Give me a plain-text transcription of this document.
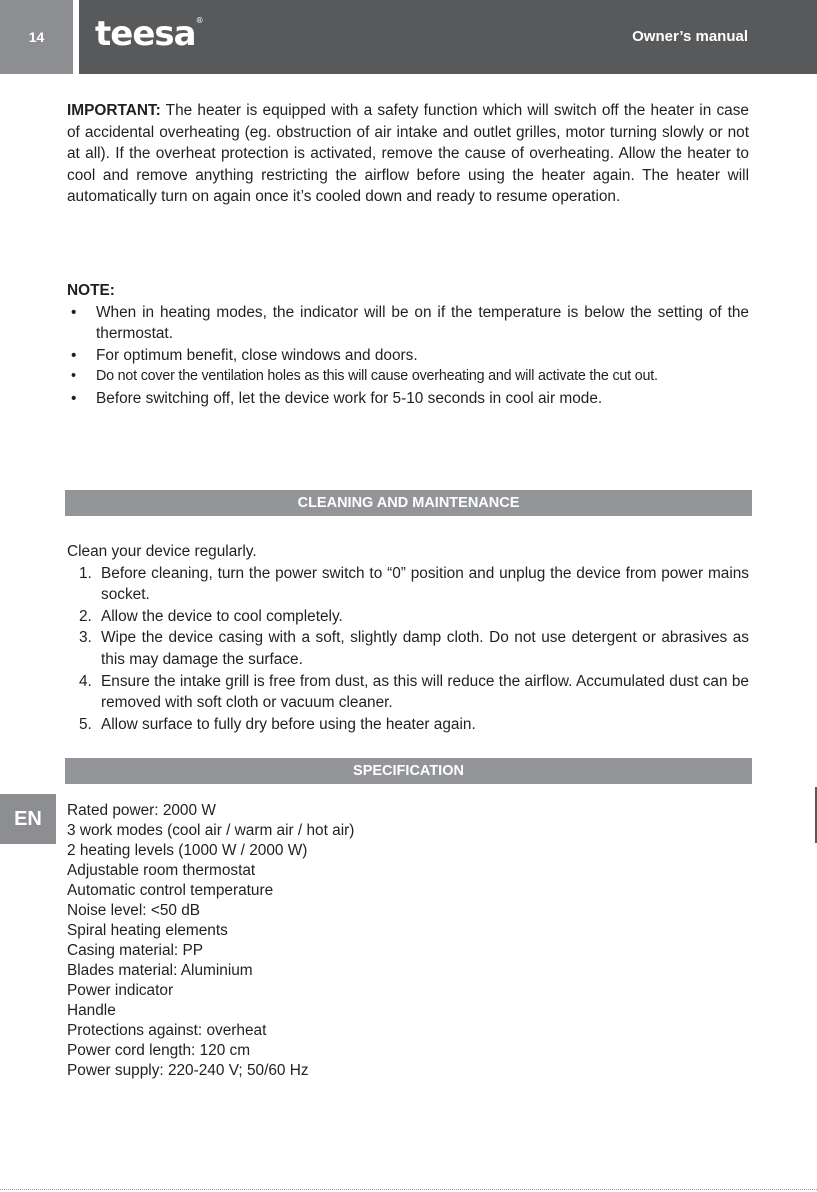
14 teesa®
Owner’s manual
EN
IMPORTANT: The heater is equipped with a safety function which will switch off the heater in case of accidental overheating (eg. obstruction of air intake and outlet grilles, motor turning slowly or not at all). If the overheat protection is activated, remove the cause of overheating. Allow the heater to cool and remove anything restricting the airflow before using the heater again. The heater will automatically turn on again once it’s cooled down and ready to resume operation.
NOTE:
• When in heating modes, the indicator will be on if the temperature is below the setting of the thermostat.
• For optimum benefit, close windows and doors.
• Do not cover the ventilation holes as this will cause overheating and will activate the cut out.
• Before switching off, let the device work for 5-10 seconds in cool air mode.
CLEANING AND MAINTENANCE
Clean your device regularly.
1. Before cleaning, turn the power switch to “0” position and unplug the device from power mains socket.
2. Allow the device to cool completely.
3. Wipe the device casing with a soft, slightly damp cloth. Do not use detergent or abrasives as this may damage the surface.
4. Ensure the intake grill is free from dust, as this will reduce the airflow. Accumulated dust can be removed with soft cloth or vacuum cleaner.
5. Allow surface to fully dry before using the heater again.
SPECIFICATION
Rated power: 2000 W
3 work modes (cool air / warm air / hot air)
2 heating levels (1000 W / 2000 W)
Adjustable room thermostat
Automatic control temperature
Noise level: <50 dB
Spiral heating elements
Casing material: PP
Blades material: Aluminium
Power indicator
Handle
Protections against: overheat
Power cord length: 120 cm
Power supply: 220-240 V; 50/60 Hz
